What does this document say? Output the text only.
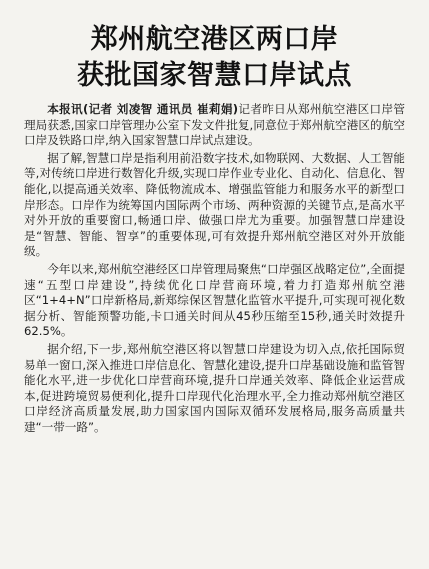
郑州航空港区两口岸
获批国家智慧口岸试点

本报讯(记者 刘凌智 通讯员 崔莉娟)记者昨日从郑州航空港区口岸管理局获悉,国家口岸管理办公室下发文件批复,同意位于郑州航空港区的航空口岸及铁路口岸,纳入国家智慧口岸试点建设。

据了解,智慧口岸是指利用前沿数字技术,如物联网、大数据、人工智能等,对传统口岸进行数智化升级,实现口岸作业专业化、自动化、信息化、智能化,以提高通关效率、降低物流成本、增强监管能力和服务水平的新型口岸形态。口岸作为统筹国内国际两个市场、两种资源的关键节点,是高水平对外开放的重要窗口,畅通口岸、做强口岸尤为重要。加强智慧口岸建设是“智慧、智能、智享”的重要体现,可有效提升郑州航空港区对外开放能级。

今年以来,郑州航空港经区口岸管理局聚焦“口岸强区战略定位”,全面提速“五型口岸建设”,持续优化口岸营商环境,着力打造郑州航空港区“1+4+N”口岸新格局,新郑综保区智慧化监管水平提升,可实现可视化数据分析、智能预警功能,卡口通关时间从45秒压缩至15秒,通关时效提升62.5%。

据介绍,下一步,郑州航空港区将以智慧口岸建设为切入点,依托国际贸易单一窗口,深入推进口岸信息化、智慧化建设,提升口岸基础设施和监管智能化水平,进一步优化口岸营商环境,提升口岸通关效率、降低企业运营成本,促进跨境贸易便利化,提升口岸现代化治理水平,全力推动郑州航空港区口岸经济高质量发展,助力国家国内国际双循环发展格局,服务高质量共建“一带一路”。
